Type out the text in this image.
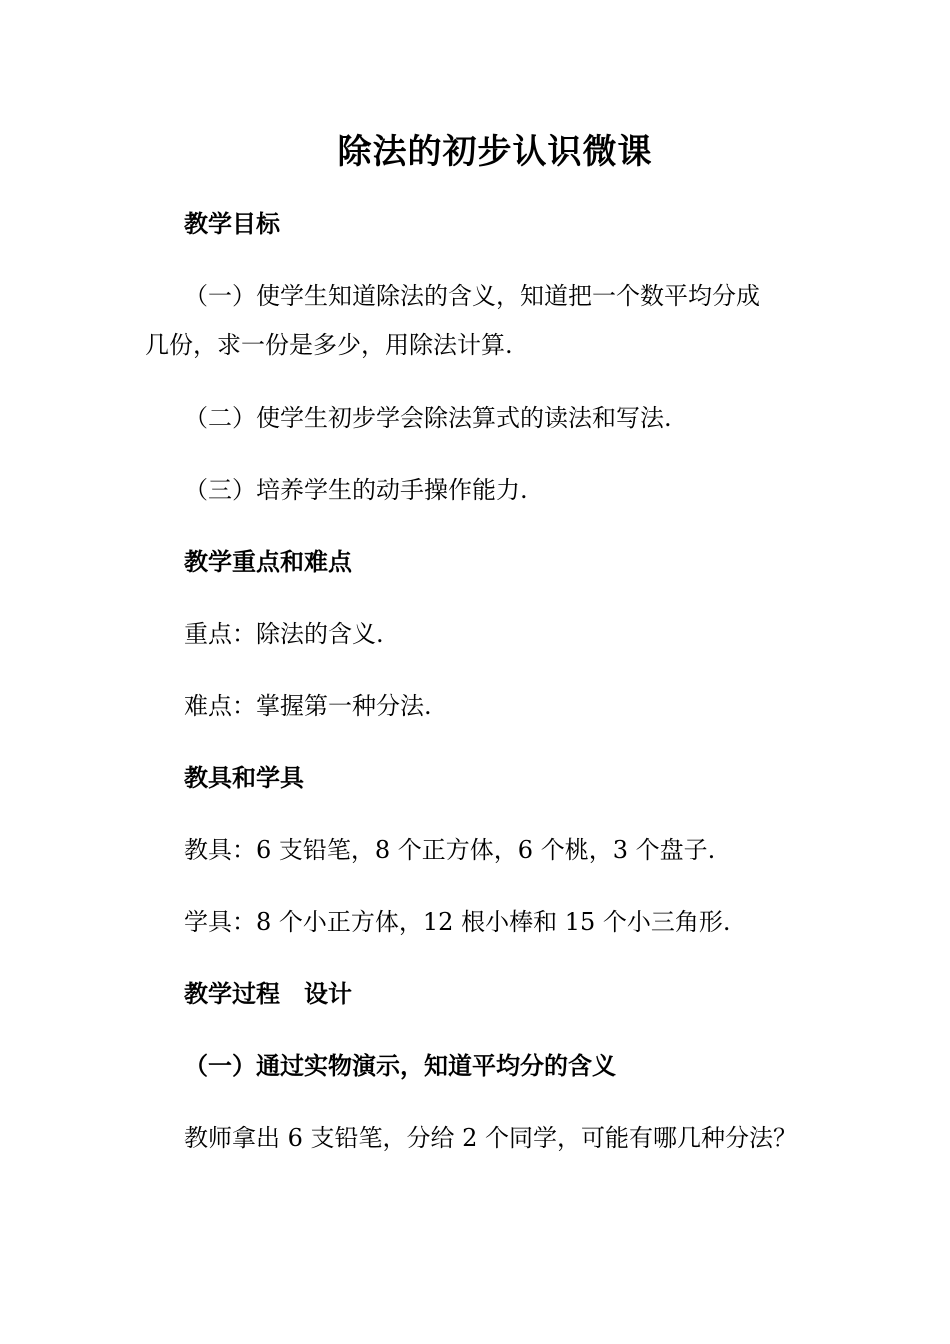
除法的初步认识微课
教学目标
（一）使学生知道除法的含义，知道把一个数平均分成
几份，求一份是多少，用除法计算.
（二）使学生初步学会除法算式的读法和写法.
（三）培养学生的动手操作能力.
教学重点和难点
重点：除法的含义.
难点：掌握第一种分法.
教具和学具
教具：6 支铅笔，8 个正方体，6 个桃，3 个盘子.
学具：8 个小正方体，12 根小棒和 15 个小三角形.
教学过程　设计
（一）通过实物演示，知道平均分的含义
教师拿出 6 支铅笔，分给 2 个同学，可能有哪几种分法？
